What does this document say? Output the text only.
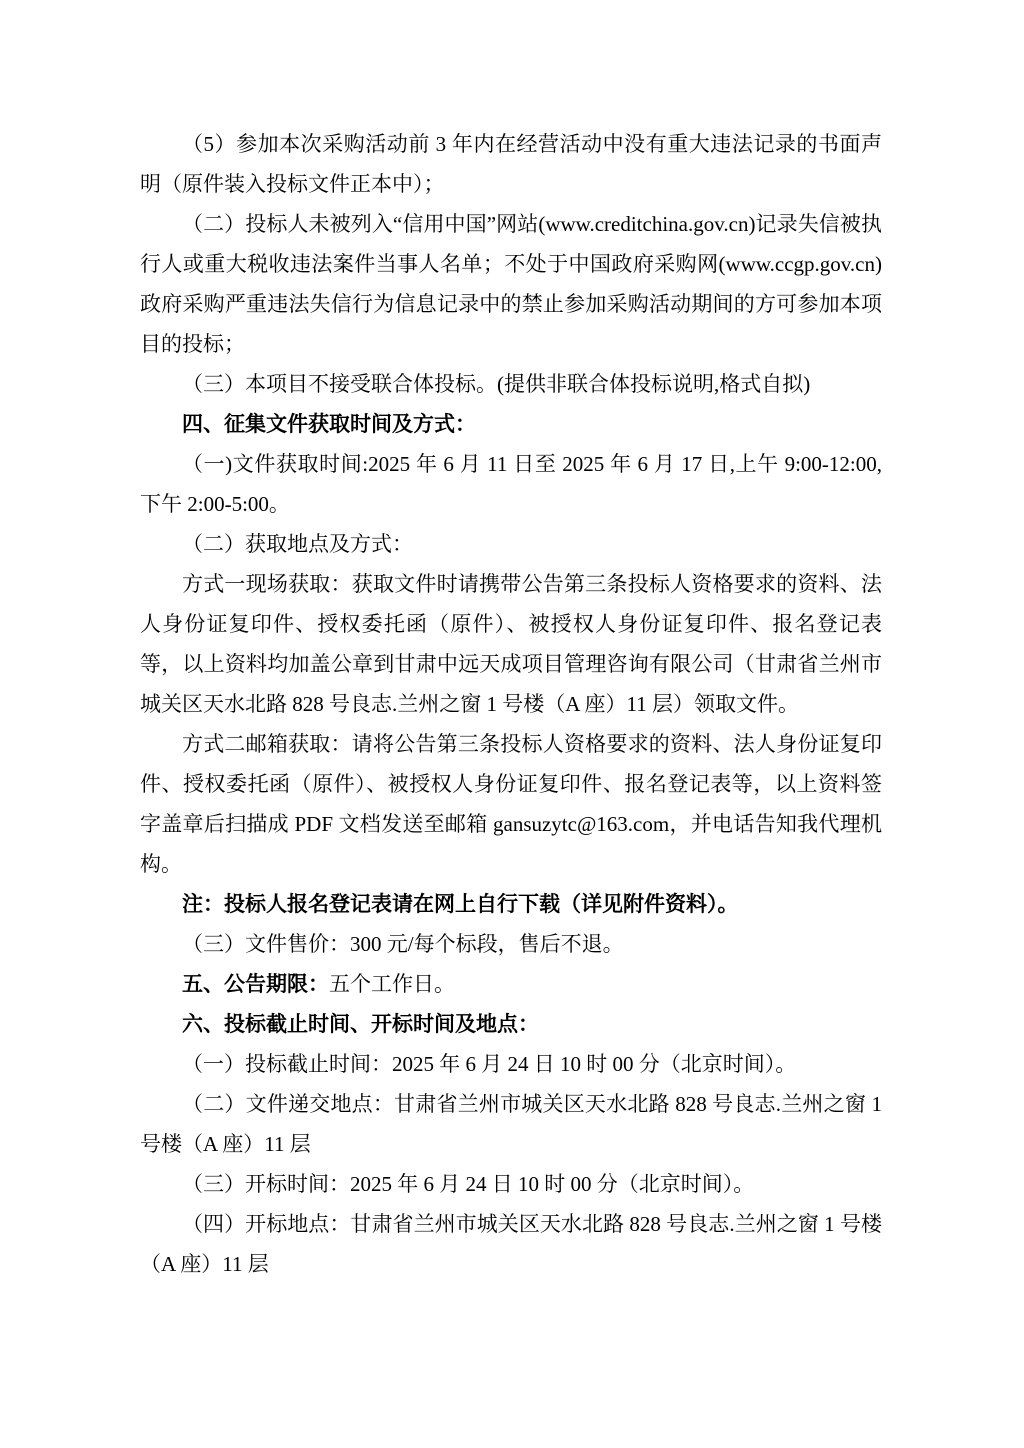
（5）参加本次采购活动前 3 年内在经营活动中没有重大违法记录的书面声明（原件装入投标文件正本中）；

（二）投标人未被列入“信用中国”网站(www.creditchina.gov.cn)记录失信被执行人或重大税收违法案件当事人名单；不处于中国政府采购网(www.ccgp.gov.cn)政府采购严重违法失信行为信息记录中的禁止参加采购活动期间的方可参加本项目的投标；

（三）本项目不接受联合体投标。(提供非联合体投标说明,格式自拟)

四、征集文件获取时间及方式：

（一)文件获取时间:2025 年 6 月 11 日至 2025 年 6 月 17 日,上午 9:00-12:00,下午 2:00-5:00。

（二）获取地点及方式：

方式一现场获取：获取文件时请携带公告第三条投标人资格要求的资料、法人身份证复印件、授权委托函（原件）、被授权人身份证复印件、报名登记表等，以上资料均加盖公章到甘肃中远天成项目管理咨询有限公司（甘肃省兰州市城关区天水北路 828 号良志.兰州之窗 1 号楼（A 座）11 层）领取文件。

方式二邮箱获取：请将公告第三条投标人资格要求的资料、法人身份证复印件、授权委托函（原件）、被授权人身份证复印件、报名登记表等，以上资料签字盖章后扫描成 PDF 文档发送至邮箱 gansuzytc@163.com，并电话告知我代理机构。

注：投标人报名登记表请在网上自行下载（详见附件资料）。

（三）文件售价：300 元/每个标段，售后不退。

五、公告期限：五个工作日。

六、投标截止时间、开标时间及地点：

（一）投标截止时间：2025 年 6 月 24 日 10 时 00 分（北京时间）。

（二）文件递交地点：甘肃省兰州市城关区天水北路 828 号良志.兰州之窗 1 号楼（A 座）11 层

（三）开标时间：2025 年 6 月 24 日 10 时 00 分（北京时间）。

（四）开标地点：甘肃省兰州市城关区天水北路 828 号良志.兰州之窗 1 号楼（A 座）11 层
